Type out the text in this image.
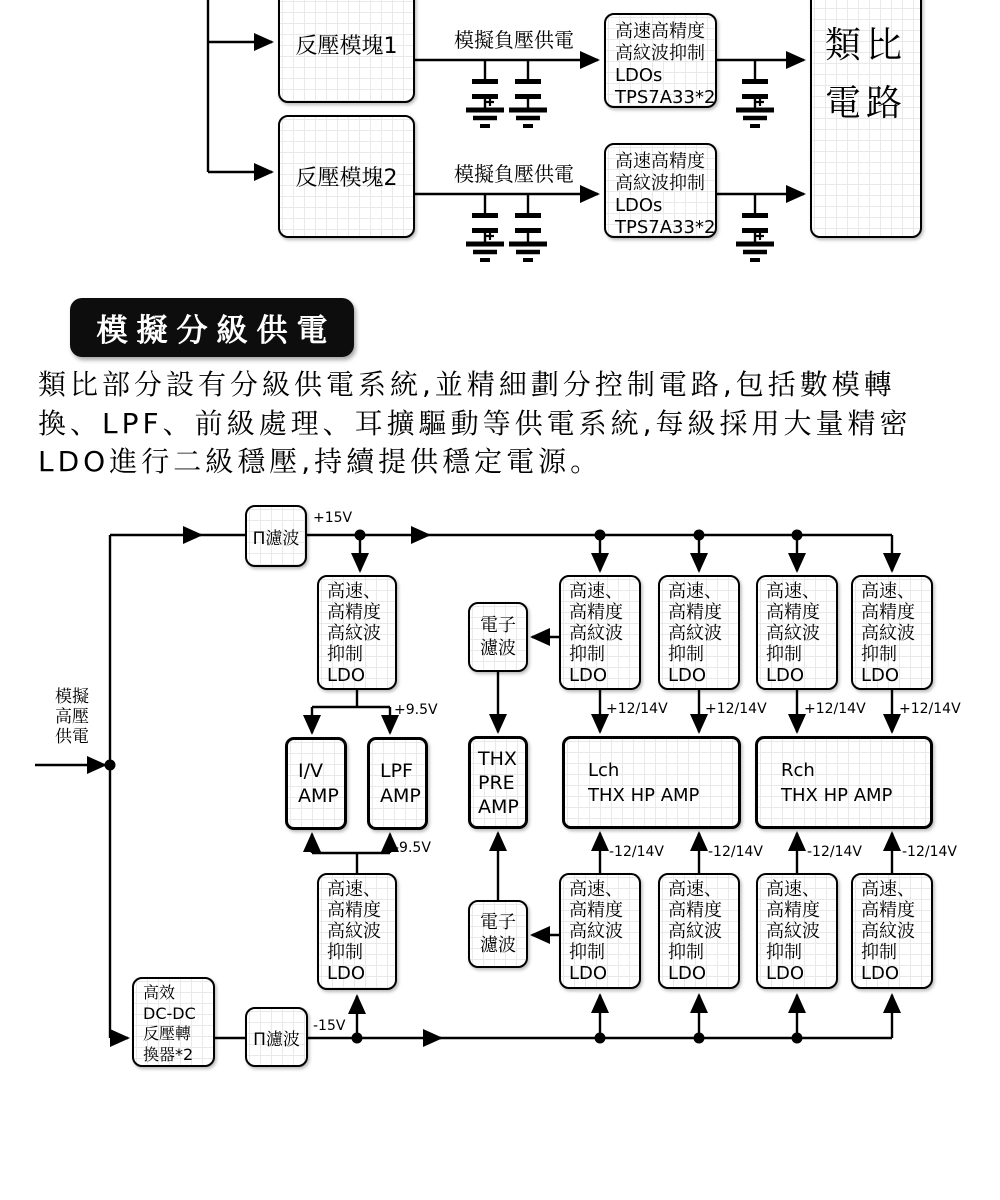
反壓模塊1
反壓模塊2
模擬負壓供電
模擬負壓供電
高速高精度
高紋波抑制
LDOs
TPS7A33*2
高速高精度
高紋波抑制
LDOs
TPS7A33*2
類比
電路
模擬分級供電
類比部分設有分級供電系統,並精細劃分控制電路,包括數模轉
換、LPF、前級處理、耳擴驅動等供電系統,每級採用大量精密
LDO進行二級穩壓,持續提供穩定電源。
模擬
高壓
供電
Π濾波
+15V
Π濾波
-15V
高效
DC-DC
反壓轉
換器*2
高速、
高精度
高紋波
抑制
LDO
高速、
高精度
高紋波
抑制
LDO
高速、
高精度
高紋波
抑制
LDO
高速、
高精度
高紋波
抑制
LDO
高速、
高精度
高紋波
抑制
LDO
高速、
高精度
高紋波
抑制
LDO
高速、
高精度
高紋波
抑制
LDO
高速、
高精度
高紋波
抑制
LDO
高速、
高精度
高紋波
抑制
LDO
高速、
高精度
高紋波
抑制
LDO
電子
濾波
電子
濾波
I/V
AMP
LPF
AMP
THX
PRE
AMP
Lch
THX HP AMP
Rch
THX HP AMP
+9.5V
-9.5V
+12/14V	+12/14V	+12/14V +12/14V
-12/14V	-12/14V	-12/14V	-12/14V
